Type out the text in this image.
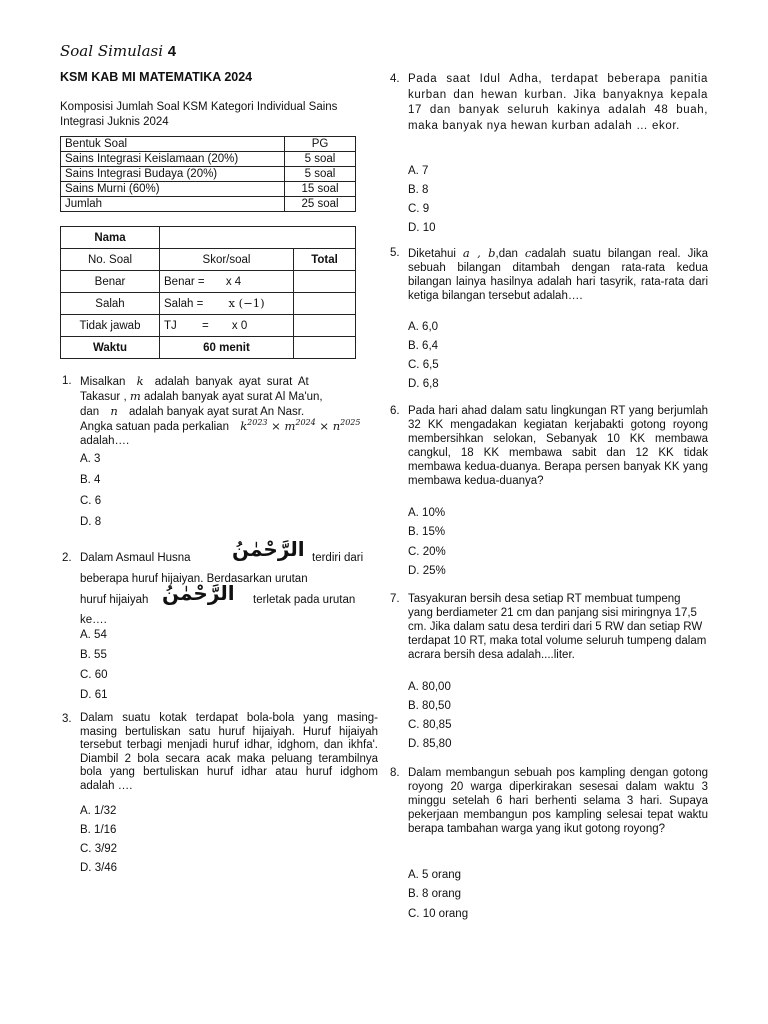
Soal Simulasi 4
KSM KAB MI MATEMATIKA 2024
Komposisi Jumlah Soal KSM Kategori Individual Sains Integrasi Juknis 2024
Bentuk Soal	PG
Sains Integrasi Keislamaan (20%)	5 soal
Sains Integrasi Budaya (20%)	5 soal
Sains Murni (60%)	15 soal
Jumlah	25 soal
Nama		
No. Soal	Skor/soal	Total
Benar	Benar = x 4	
Salah	Salah = x (−1)	
Tidak jawab	TJ = x 0	
Waktu	60 menit	
1. Misalkan k adalah banyak ayat surat At
Takasur , m adalah banyak ayat surat Al Ma'un,
dan n adalah banyak ayat surat An Nasr.
Angka satuan pada perkalian $k^{2023} \times m^{2024} \times n^{2025}$
adalah….
A. 3
B. 4
C. 6
D. 8
2. Dalam Asmaul Husna الرَّحْمٰنُ terdiri dari
beberapa huruf hijaiyan. Berdasarkan urutan
huruf hijaiyah الرَّحْمٰنُ terletak pada urutan
ke….
A. 54
B. 55
C. 60
D. 61
3. Dalam suatu kotak terdapat bola-bola yang masing-masing bertuliskan satu huruf hijaiyah. Huruf hijaiyah tersebut terbagi menjadi huruf idhar, idghom, dan ikhfa'. Diambil 2 bola secara acak maka peluang terambilnya bola yang bertuliskan huruf idhar atau huruf idghom adalah ….
A. 1/32
B. 1/16
C. 3/92
D. 3/46
4. Pada saat Idul Adha, terdapat beberapa panitia kurban dan hewan kurban. Jika banyaknya kepala 17 dan banyak seluruh kakinya adalah 48 buah, maka banyak nya hewan kurban adalah … ekor.
A. 7
B. 8
C. 9
D. 10
5. Diketahui a , b,dan cadalah suatu bilangan real. Jika sebuah bilangan ditambah dengan rata-rata kedua bilangan lainya hasilnya adalah hari tasyrik, rata-rata dari ketiga bilangan tersebut adalah….
A. 6,0
B. 6,4
C. 6,5
D. 6,8
6. Pada hari ahad dalam satu lingkungan RT yang berjumlah 32 KK mengadakan kegiatan kerjabakti gotong royong membersihkan selokan, Sebanyak 10 KK membawa cangkul, 18 KK membawa sabit dan 12 KK tidak membawa kedua-duanya. Berapa persen banyak KK yang membawa kedua-duanya?
A. 10%
B. 15%
C. 20%
D. 25%
7. Tasyakuran bersih desa setiap RT membuat tumpeng yang berdiameter 21 cm dan panjang sisi miringnya 17,5 cm. Jika dalam satu desa terdiri dari 5 RW dan setiap RW terdapat 10 RT, maka total volume seluruh tumpeng dalam acrara bersih desa adalah....liter.
A. 80,00
B. 80,50
C. 80,85
D. 85,80
8. Dalam membangun sebuah pos kampling dengan gotong royong 20 warga diperkirakan sesesai dalam waktu 3 minggu setelah 6 hari berhenti selama 3 hari. Supaya pekerjaan membangun pos kampling selesai tepat waktu berapa tambahan warga yang ikut gotong royong?
A. 5 orang
B. 8 orang
C. 10 orang
